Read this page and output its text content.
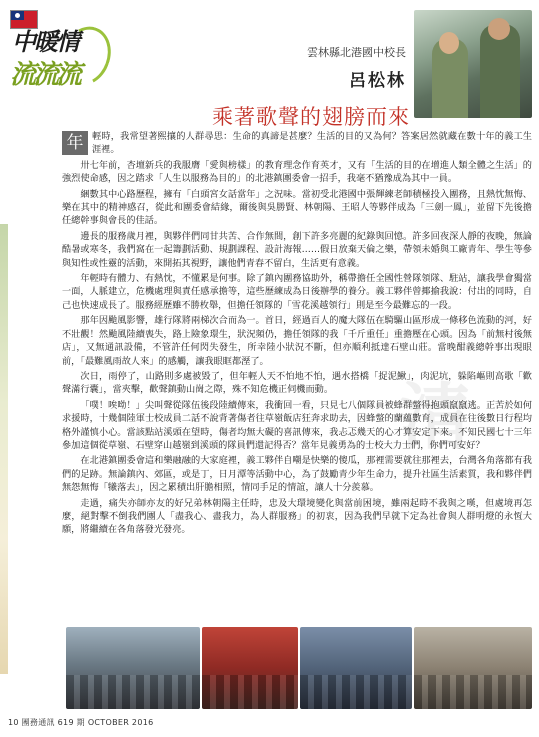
中暖情
流流流
雲林縣北港國中校長
呂松林
乘著歌聲的翅膀而來
清

年 輕時，我常望著熙攘的人群尋思：生命的真諦是甚麼？生活的目的又為何？答案居然就藏在數十年的義工生涯裡。

卅七年前，杏壇新兵的我服膺「愛與榜樣」的教育理念作育英才，又有「生活的目的在增進人類全體之生活」的強烈使命感，因之踏求「人生以服務為目的」的北港鎮團委會一招手，我毫不猶豫成為其中一員。

綑數其中心路歷程，擁有「白頭宮女話當年」之況味。當初受北港國中張輝練老師積極投入團務，且熱忱無悔、樂在其中的精神感召，從此和團委會結緣，爾後與吳勝賢、林朝陽、王昭人等夥伴成為「三劍一鳳」，並留下先後擔任總幹事與會長的佳話。

邊長的服務歲月裡，與夥伴們同甘共苦、合作無間，創下許多亮麗的紀錄與回憶。許多回夜深人靜的夜晚，無論酷暑或寒冬，我們窩在一起籌劃活動、規劃課程、設計海報……假日放棄天倫之樂，帶領未婚與工廠青年、學生等參與知性或性靈的活動，來開拓其視野，讓他們青春不留白，生活更有意義。

年輕時有體力、有熱忱，不懂累是何事。除了鎮內團務協助外，稱帶擔任全國性營隊領隊、駐站，讓我學會獨當一面，人脈建立，危機處理與責任感承擔等，這些歷練成為日後辦學的養分。義工夥伴曾揶揄我說：付出的同時，自己也快速成長了。服務經歷雖不勝枚舉，但擔任領隊的「雪花溪越領行」則是至今最難忘的一段。

那年因颱風影響，雄行隊將兩梯次合而為一。首日，經過百人的魔大隊伍在騎驅山區形成一條移色流動的河，好不壯觀！然颱風陸續喪失，路上險象環生，狀況頻仍，擔任領隊的我「千斤重任」重擔壓在心頭。因為「前無村後無店」，又無通訊設備，不管許任何閃失發生，所幸陸小狀況不斷，但亦順利抵達石壁山莊。當晚酣義總幹事出現眼前，「最難風雨故人來」的感觸，讓我眼眶都溼了。

次日，雨停了，山路則多處被毀了，但年輕人天不怕地不怕，遇水搭橋「捉泥鰍」，肉泥坑，躲陷嶇則高歌「歡聲滿行囊」，當夾擊，歡聲鎮動山崗之際，殊不知危機正伺機而動。

「噗！唉呦！」尖叫聲從隊伍後段陸續傳來，我衝回一看，只見七八個隊員被蜂群螫得抱頭竄竄逃。正苦於如何求援時，十幾個陸軍士校成員二話不說背著傷者往草嶺飯店狂奔求助去，因蜂螫的蘭蘊數育，成員在往後數日行程均格外謹慎小心。當該點站溪頭在望時，傷者均無大礙的喜訊傳來，我忐忑幾天的心才算安定下來。不知民國七十三年參加這個從草嶺、石壁穿山越嶺到溪頭的隊員們還記得否？當年見義勇為的士校大力士們，你們可安好？

在北港鎮團委會這和樂融融的大家庭裡，義工夥伴自嘲是快樂的傻瓜，那裡需要就往那裡去，台灣各角落都有我們的足跡。無論鎮內、郊區，或是丁，日月潭等活動中心，為了鼓勵青少年生命力，提升社區生活素質，我和夥伴們無怨無悔「犧落去」，因之累積出肝膽相照，情同手足的情誼，讓人十分羨慕。

走過，痛失亦師亦友的好兄弟林朝陽主任時，忠及大環境變化與當前困境，雖兩起時不我與之嘆，但處境再怎麼，絕對擊不倒我們團人「盡我心、盡我力，為人群服務」的初衷，因為我們早就下定為社會與人群明燈的永恆大願，將繼續在各角落發光發亮。

10 團務通訊 619 期 OCTOBER 2016
